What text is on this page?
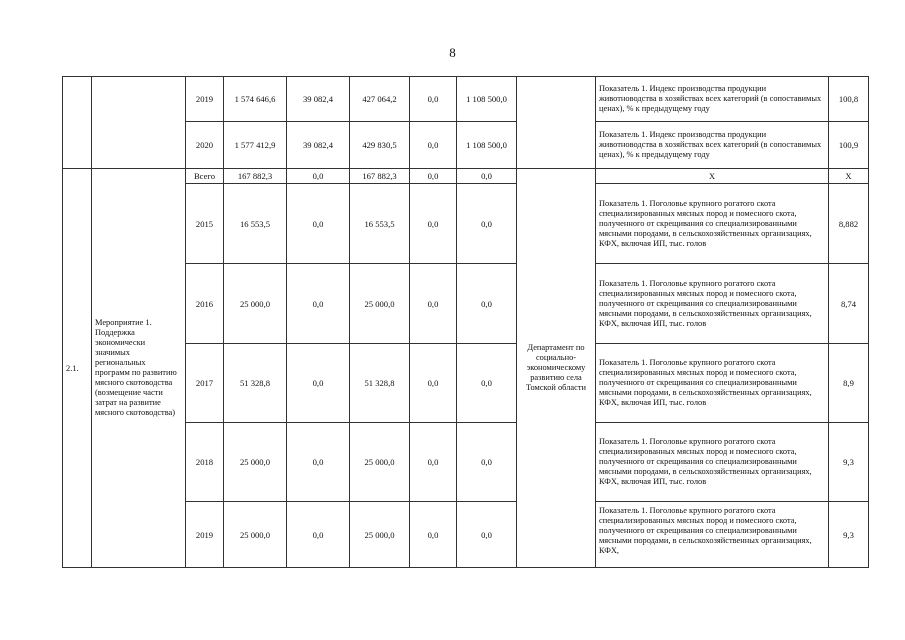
8
		2019	1 574 646,6	39 082,4	427 064,2	0,0	1 108 500,0		Показатель 1. Индекс производства продукции животноводства в хозяйствах всех категорий (в сопоставимых ценах), % к предыдущему году	100,8
		2020	1 577 412,9	39 082,4	429 830,5	0,0	1 108 500,0		Показатель 1. Индекс производства продукции животноводства в хозяйствах всех категорий (в сопоставимых ценах), % к предыдущему году	100,9
2.1.	Мероприятие 1. Поддержка экономически значимых региональных программ по развитию мясного скотоводства (возмещение части затрат на развитие мясного скотоводства)	Всего	167 882,3	0,0	167 882,3	0,0	0,0	Департамент по социально-экономическому развитию села Томской области	X	X
		2015	16 553,5	0,0	16 553,5	0,0	0,0		Показатель 1. Поголовье крупного рогатого скота специализированных мясных пород и помесного скота, полученного от скрещивания со специализированными мясными породами, в сельскохозяйственных организациях, КФХ, включая ИП, тыс. голов	8,882
		2016	25 000,0	0,0	25 000,0	0,0	0,0		Показатель 1. Поголовье крупного рогатого скота специализированных мясных пород и помесного скота, полученного от скрещивания со специализированными мясными породами, в сельскохозяйственных организациях, КФХ, включая ИП, тыс. голов	8,74
		2017	51 328,8	0,0	51 328,8	0,0	0,0		Показатель 1. Поголовье крупного рогатого скота специализированных мясных пород и помесного скота, полученного от скрещивания со специализированными мясными породами, в сельскохозяйственных организациях, КФХ, включая ИП, тыс. голов	8,9
		2018	25 000,0	0,0	25 000,0	0,0	0,0		Показатель 1. Поголовье крупного рогатого скота специализированных мясных пород и помесного скота, полученного от скрещивания со специализированными мясными породами, в сельскохозяйственных организациях, КФХ, включая ИП, тыс. голов	9,3
		2019	25 000,0	0,0	25 000,0	0,0	0,0		Показатель 1. Поголовье крупного рогатого скота специализированных мясных пород и помесного скота, полученного от скрещивания со специализированными мясными породами, в сельскохозяйственных организациях, КФХ,	9,3
